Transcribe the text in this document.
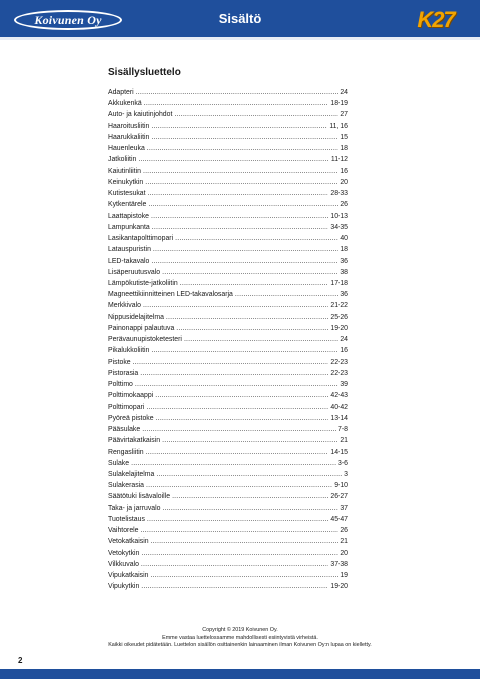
Koivunen Oy	Sisältö	K27
Sisällysluettelo
Adapteri .....	24
Akkukenkä .....	18-19
Auto- ja kaiutinjohdot .....	27
Haaroitusliitin .....	11, 16
Haarukkaliitin .....	15
Hauenleuka .....	18
Jatkoliitin .....	11-12
Kaiutinliitin .....	16
Keinukytkin .....	20
Kutistesukat .....	28-33
Kytkentärele .....	26
Laattapistoke .....	10-13
Lampunkanta .....	34-35
Lasikantapolttimopari .....	40
Latauspuristin .....	18
LED-takavalo .....	36
Lisäperuutusvalo .....	38
Lämpökutiste-jatkoliitin .....	17-18
Magneettikiinnitteinen LED-takavalosarja .....	36
Merkkivalo .....	21-22
Nippusidelajitelma .....	25-26
Painonappi palautuva .....	19-20
Perävaunupistoketesteri .....	24
Pikalukkoliitin .....	16
Pistoke .....	22-23
Pistorasia .....	22-23
Polttimo .....	39
Polttimokaappi .....	42-43
Polttimopari .....	40-42
Pyöreä pistoke .....	13-14
Pääsulake .....	7-8
Päävirtakatkaisin .....	21
Rengasliitin .....	14-15
Sulake .....	3-6
Sulakelajitelma .....	3
Sulakerasia .....	9-10
Säätötuki lisävaloille .....	26-27
Taka- ja jarruvalo .....	37
Tuotelistaus .....	45-47
Vaihtorele .....	26
Vetokatkaisin .....	21
Vetokytkin .....	20
Vilkkuvalo .....	37-38
Vipukatkaisin .....	19
Vipukytkin .....	19-20
Copyright © 2019 Koivunen Oy.
Emme vastaa luettelossamme mahdollisesti esiintyvistä virheistä.
Kaikki oikeudet pidätetään. Luettelon sisällön osittainenkin lainaaminen ilman Koivunen Oy:n lupaa on kielletty.
2
